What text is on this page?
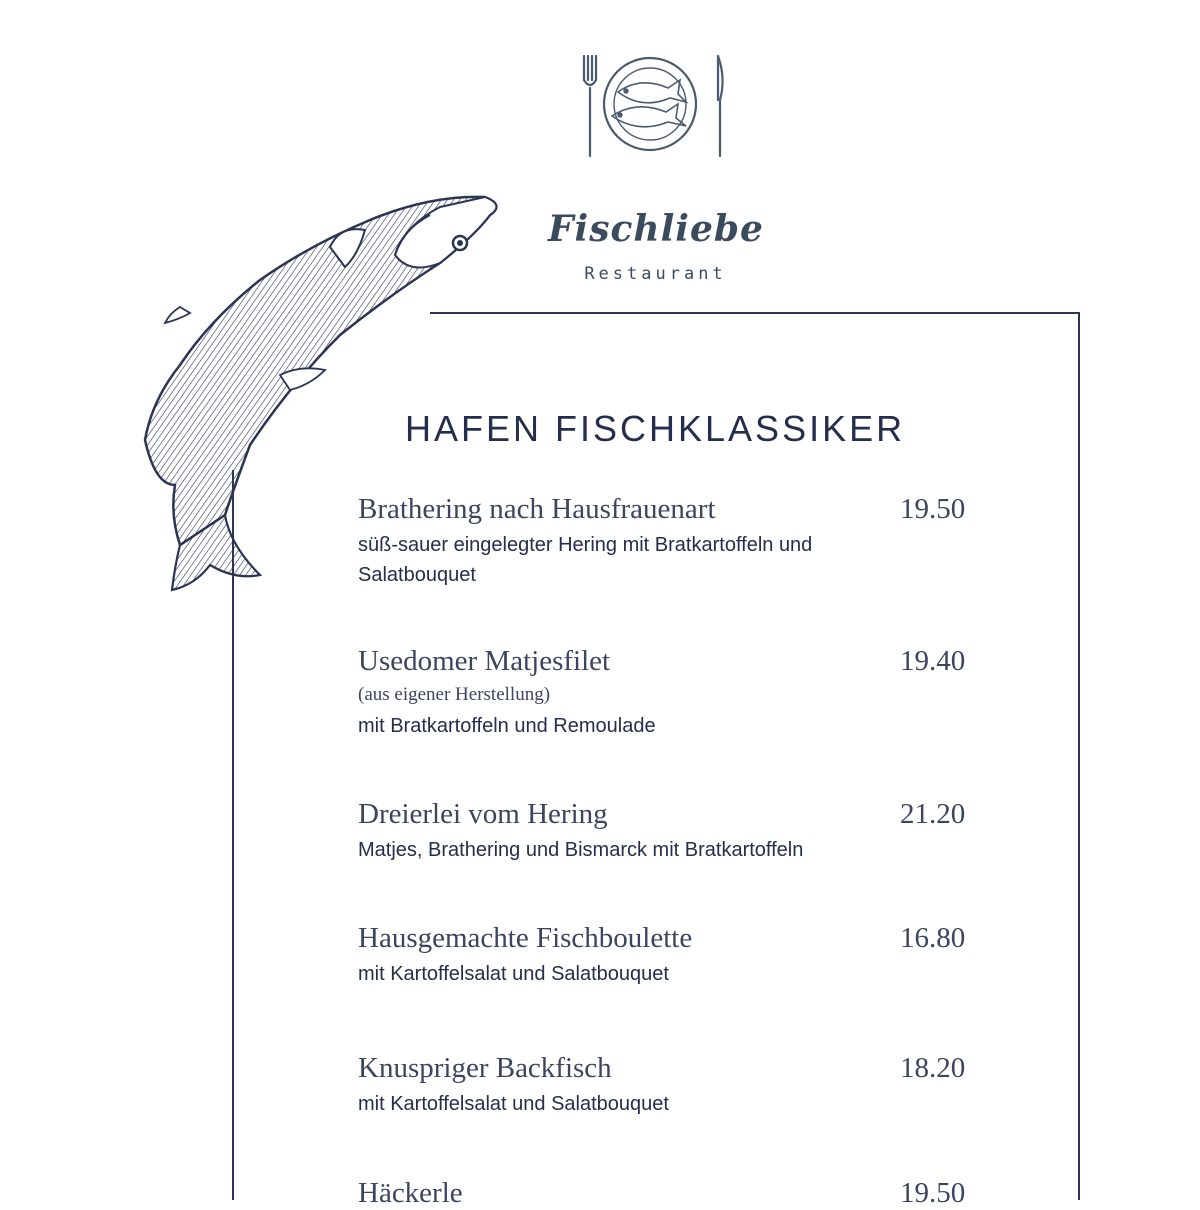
Fischliebe
Restaurant
HAFEN FISCHKLASSIKER
Brathering nach Hausfrauenart
süß-sauer eingelegter Hering mit Bratkartoffeln und Salatbouquet
19.50
Usedomer Matjesfilet
(aus eigener Herstellung)
mit Bratkartoffeln und Remoulade
19.40
Dreierlei vom Hering
Matjes, Brathering und Bismarck mit Bratkartoffeln
21.20
Hausgemachte Fischboulette
mit Kartoffelsalat und Salatbouquet
16.80
Knuspriger Backfisch
mit Kartoffelsalat und Salatbouquet
18.20
Häckerle	19.50
